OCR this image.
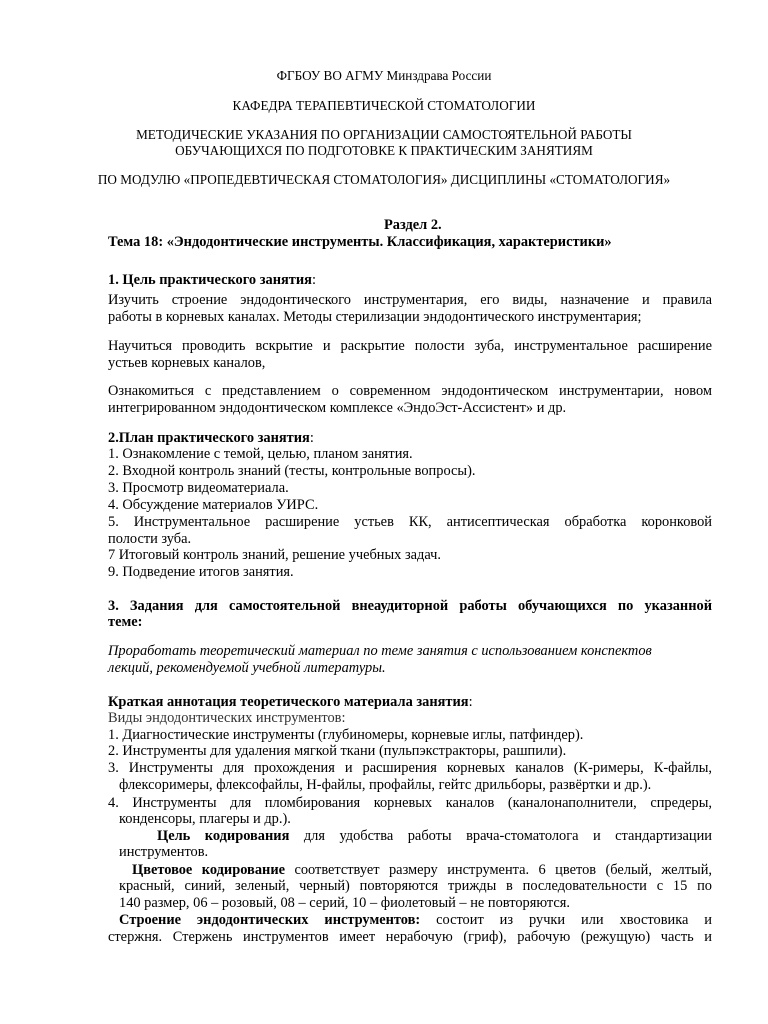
ФГБОУ ВО АГМУ Минздрава России
КАФЕДРА ТЕРАПЕВТИЧЕСКОЙ СТОМАТОЛОГИИ
МЕТОДИЧЕСКИЕ УКАЗАНИЯ ПО ОРГАНИЗАЦИИ САМОСТОЯТЕЛЬНОЙ РАБОТЫ
ОБУЧАЮЩИХСЯ ПО ПОДГОТОВКЕ К ПРАКТИЧЕСКИМ ЗАНЯТИЯМ
ПО МОДУЛЮ «ПРОПЕДЕВТИЧЕСКАЯ СТОМАТОЛОГИЯ» ДИСЦИПЛИНЫ «СТОМАТОЛОГИЯ»
Раздел 2.
Тема 18: «Эндодонтические инструменты. Классификация, характеристики»
1. Цель практического занятия:
Изучить строение эндодонтического инструментария, его виды, назначение и правила
работы в корневых каналах. Методы стерилизации эндодонтического инструментария;
Научиться проводить вскрытие и раскрытие полости зуба, инструментальное расширение
устьев корневых каналов,
Ознакомиться с представлением о современном эндодонтическом инструментарии, новом
интегрированном эндодонтическом комплексе «ЭндоЭст-Ассистент» и др.
2.План практического занятия:
1. Ознакомление с темой, целью, планом занятия.
2. Входной контроль знаний (тесты, контрольные вопросы).
3. Просмотр видеоматериала.
4. Обсуждение материалов УИРС.
5. Инструментальное расширение устьев КК, антисептическая обработка коронковой
полости зуба.
7 Итоговый контроль знаний, решение учебных задач.
9. Подведение итогов занятия.
3. Задания для самостоятельной внеаудиторной работы обучающихся по указанной
теме:
Проработать теоретический материал по теме занятия с использованием конспектов
лекций, рекомендуемой учебной литературы.
Краткая аннотация теоретического материала занятия:
Виды эндодонтических инструментов:
1. Диагностические инструменты (глубиномеры, корневые иглы, патфиндер).
2. Инструменты для удаления мягкой ткани (пульпэкстракторы, рашпили).
3. Инструменты для прохождения и расширения корневых каналов (К-римеры, К-файлы,
флексоримеры, флексофайлы, Н-файлы, профайлы, гейтс дрильборы, развёртки и др.).
4. Инструменты для пломбирования корневых каналов (каналонаполнители, спредеры,
конденсоры, плагеры и др.).
Цель кодирования для удобства работы врача-стоматолога и стандартизации
инструментов.
Цветовое кодирование соответствует размеру инструмента. 6 цветов (белый, желтый,
красный, синий, зеленый, черный) повторяются трижды в последовательности с 15 по
140 размер, 06 – розовый, 08 – серий, 10 – фиолетовый – не повторяются.
Строение эндодонтических инструментов: состоит из ручки или хвостовика и
стержня. Стержень инструментов имеет нерабочую (гриф), рабочую (режущую) часть и
